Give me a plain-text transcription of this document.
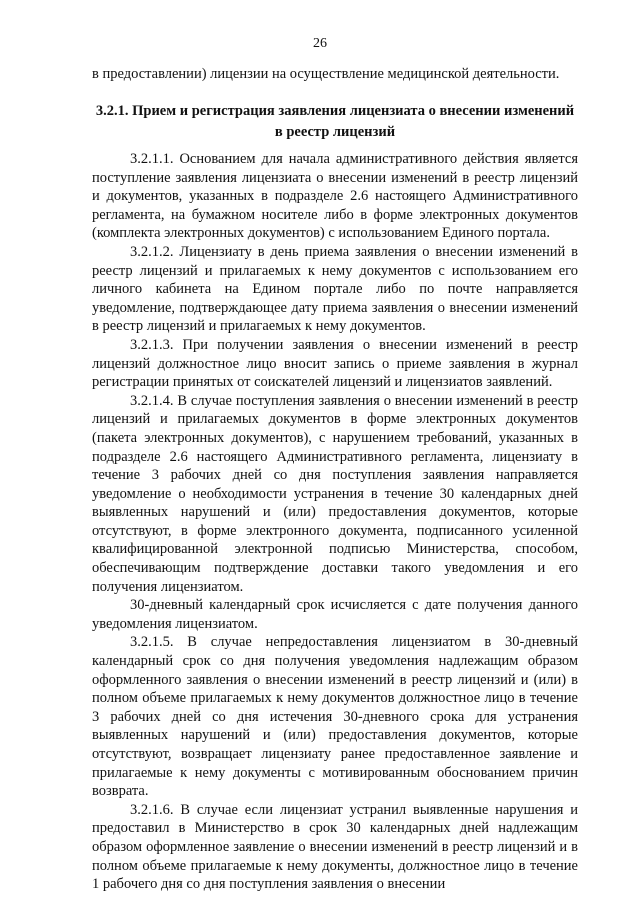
26
в предоставлении) лицензии на осуществление медицинской деятельности.
3.2.1. Прием и регистрация заявления лицензиата о внесении изменений в реестр лицензий

3.2.1.1. Основанием для начала административного действия является поступление заявления лицензиата о внесении изменений в реестр лицензий и документов, указанных в подразделе 2.6 настоящего Административного регламента, на бумажном носителе либо в форме электронных документов (комплекта электронных документов) с использованием Единого портала.

3.2.1.2. Лицензиату в день приема заявления о внесении изменений в реестр лицензий и прилагаемых к нему документов с использованием его личного кабинета на Едином портале либо по почте направляется уведомление, подтверждающее дату приема заявления о внесении изменений в реестр лицензий и прилагаемых к нему документов.

3.2.1.3. При получении заявления о внесении изменений в реестр лицензий должностное лицо вносит запись о приеме заявления в журнал регистрации принятых от соискателей лицензий и лицензиатов заявлений.

3.2.1.4. В случае поступления заявления о внесении изменений в реестр лицензий и прилагаемых документов в форме электронных документов (пакета электронных документов), с нарушением требований, указанных в подразделе 2.6 настоящего Административного регламента, лицензиату в течение 3 рабочих дней со дня поступления заявления направляется уведомление о необходимости устранения в течение 30 календарных дней выявленных нарушений и (или) предоставления документов, которые отсутствуют, в форме электронного документа, подписанного усиленной квалифицированной электронной подписью Министерства, способом, обеспечивающим подтверждение доставки такого уведомления и его получения лицензиатом.

30-дневный календарный срок исчисляется с дате получения данного уведомления лицензиатом.

3.2.1.5. В случае непредоставления лицензиатом в 30-дневный календарный срок со дня получения уведомления надлежащим образом оформленного заявления о внесении изменений в реестр лицензий и (или) в полном объеме прилагаемых к нему документов должностное лицо в течение 3 рабочих дней со дня истечения 30-дневного срока для устранения выявленных нарушений и (или) предоставления документов, которые отсутствуют, возвращает лицензиату ранее предоставленное заявление и прилагаемые к нему документы с мотивированным обоснованием причин возврата.

3.2.1.6. В случае если лицензиат устранил выявленные нарушения и предоставил в Министерство в срок 30 календарных дней надлежащим образом оформленное заявление о внесении изменений в реестр лицензий и в полном объеме прилагаемые к нему документы, должностное лицо в течение 1 рабочего дня со дня поступления заявления о внесении
